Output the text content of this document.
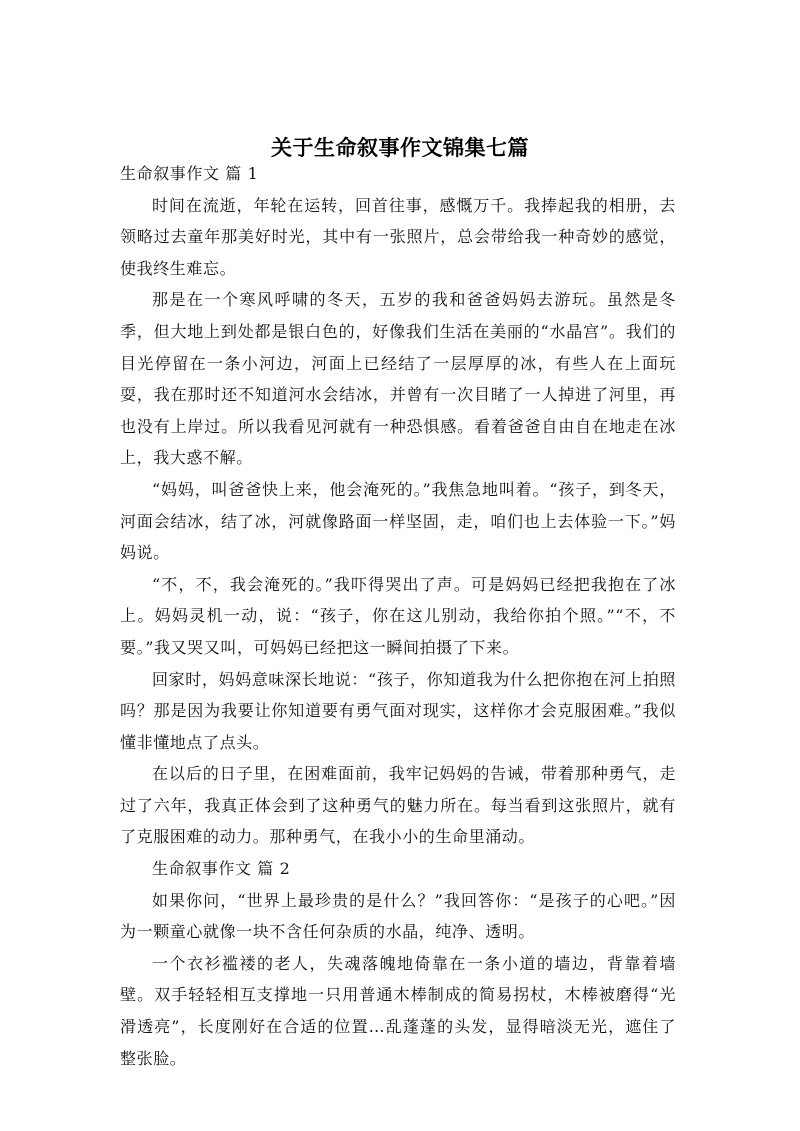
关于生命叙事作文锦集七篇

生命叙事作文 篇 1

时间在流逝，年轮在运转，回首往事，感慨万千。我捧起我的相册，去领略过去童年那美好时光，其中有一张照片，总会带给我一种奇妙的感觉，使我终生难忘。

那是在一个寒风呼啸的冬天，五岁的我和爸爸妈妈去游玩。虽然是冬季，但大地上到处都是银白色的，好像我们生活在美丽的“水晶宫”。我们的目光停留在一条小河边，河面上已经结了一层厚厚的冰，有些人在上面玩耍，我在那时还不知道河水会结冰，并曾有一次目睹了一人掉进了河里，再也没有上岸过。所以我看见河就有一种恐惧感。看着爸爸自由自在地走在冰上，我大惑不解。

“妈妈，叫爸爸快上来，他会淹死的。”我焦急地叫着。“孩子，到冬天，河面会结冰，结了冰，河就像路面一样坚固，走，咱们也上去体验一下。”妈妈说。

“不，不，我会淹死的。”我吓得哭出了声。可是妈妈已经把我抱在了冰上。妈妈灵机一动，说：“孩子，你在这儿别动，我给你拍个照。”“不，不要。”我又哭又叫，可妈妈已经把这一瞬间拍摄了下来。

回家时，妈妈意味深长地说：“孩子，你知道我为什么把你抱在河上拍照吗？那是因为我要让你知道要有勇气面对现实，这样你才会克服困难。”我似懂非懂地点了点头。

在以后的日子里，在困难面前，我牢记妈妈的告诫，带着那种勇气，走过了六年，我真正体会到了这种勇气的魅力所在。每当看到这张照片，就有了克服困难的动力。那种勇气，在我小小的生命里涌动。

生命叙事作文 篇 2

如果你问，“世界上最珍贵的是什么？”我回答你：“是孩子的心吧。”因为一颗童心就像一块不含任何杂质的水晶，纯净、透明。

一个衣衫褴褛的老人，失魂落魄地倚靠在一条小道的墙边，背靠着墙壁。双手轻轻相互支撑地一只用普通木棒制成的简易拐杖，木棒被磨得“光滑透亮”，长度刚好在合适的位置…乱蓬蓬的头发，显得暗淡无光，遮住了整张脸。
